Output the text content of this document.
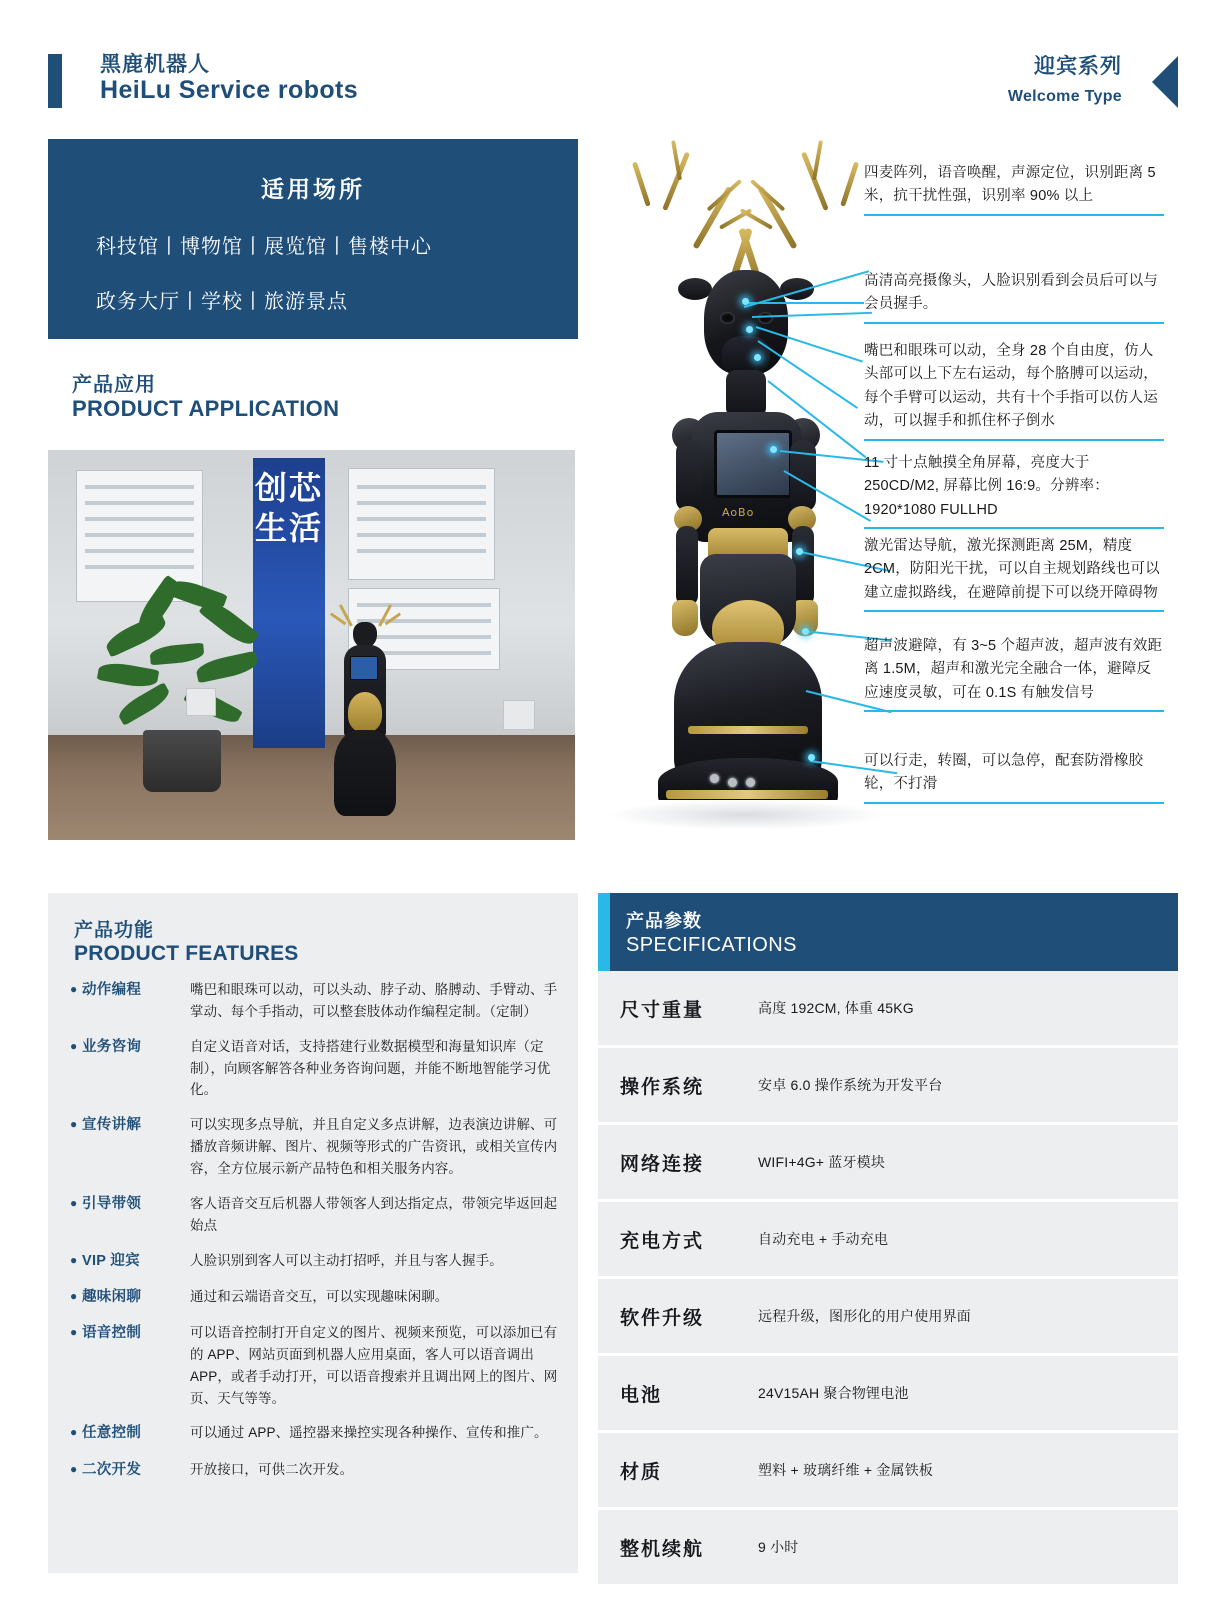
黑鹿机器人
HeiLu Service robots
迎宾系列
Welcome Type
适用场所
科技馆丨博物馆丨展览馆丨售楼中心
政务大厅丨学校丨旅游景点
产品应用
PRODUCT APPLICATION
创芯生活	AoBo
四麦阵列，语音唤醒，声源定位，识别距离 5 米，抗干扰性强，识别率 90% 以上
高清高亮摄像头，人脸识别看到会员后可以与会员握手。
嘴巴和眼珠可以动，全身 28 个自由度，仿人头部可以上下左右运动，每个胳膊可以运动，每个手臂可以运动，共有十个手指可以仿人运动，可以握手和抓住杯子倒水
11 寸十点触摸全角屏幕，亮度大于 250CD/M2, 屏幕比例 16:9。分辨率：1920*1080 FULLHD
激光雷达导航，激光探测距离 25M，精度 2CM，防阳光干扰，可以自主规划路线也可以建立虚拟路线，在避障前提下可以绕开障碍物
超声波避障，有 3~5 个超声波，超声波有效距离 1.5M，超声和激光完全融合一体，避障反应速度灵敏，可在 0.1S 有触发信号
可以行走，转圈，可以急停，配套防滑橡胶轮，不打滑
产品功能
PRODUCT FEATURES
● 动作编程	嘴巴和眼珠可以动，可以头动、脖子动、胳膊动、手臂动、手掌动、每个手指动，可以整套肢体动作编程定制。（定制）
● 业务咨询	自定义语音对话，支持搭建行业数据模型和海量知识库（定制），向顾客解答各种业务咨询问题，并能不断地智能学习优化。
● 宣传讲解	可以实现多点导航，并且自定义多点讲解，边表演边讲解、可播放音频讲解、图片、视频等形式的广告资讯，或相关宣传内容，全方位展示新产品特色和相关服务内容。
● 引导带领	客人语音交互后机器人带领客人到达指定点，带领完毕返回起始点
● VIP 迎宾	人脸识别到客人可以主动打招呼，并且与客人握手。
● 趣味闲聊	通过和云端语音交互，可以实现趣味闲聊。
● 语音控制	可以语音控制打开自定义的图片、视频来预览，可以添加已有的 APP、网站页面到机器人应用桌面，客人可以语音调出 APP，或者手动打开，可以语音搜索并且调出网上的图片、网页、天气等等。
● 任意控制	可以通过 APP、遥控器来操控实现各种操作、宣传和推广。
● 二次开发	开放接口，可供二次开发。
产品参数
SPECIFICATIONS
尺寸重量	高度 192CM, 体重 45KG
操作系统	安卓 6.0 操作系统为开发平台
网络连接	WIFI+4G+ 蓝牙模块
充电方式	自动充电 + 手动充电
软件升级	远程升级，图形化的用户使用界面
电池	24V15AH 聚合物锂电池
材质	塑料 + 玻璃纤维 + 金属铁板
整机续航	9 小时
